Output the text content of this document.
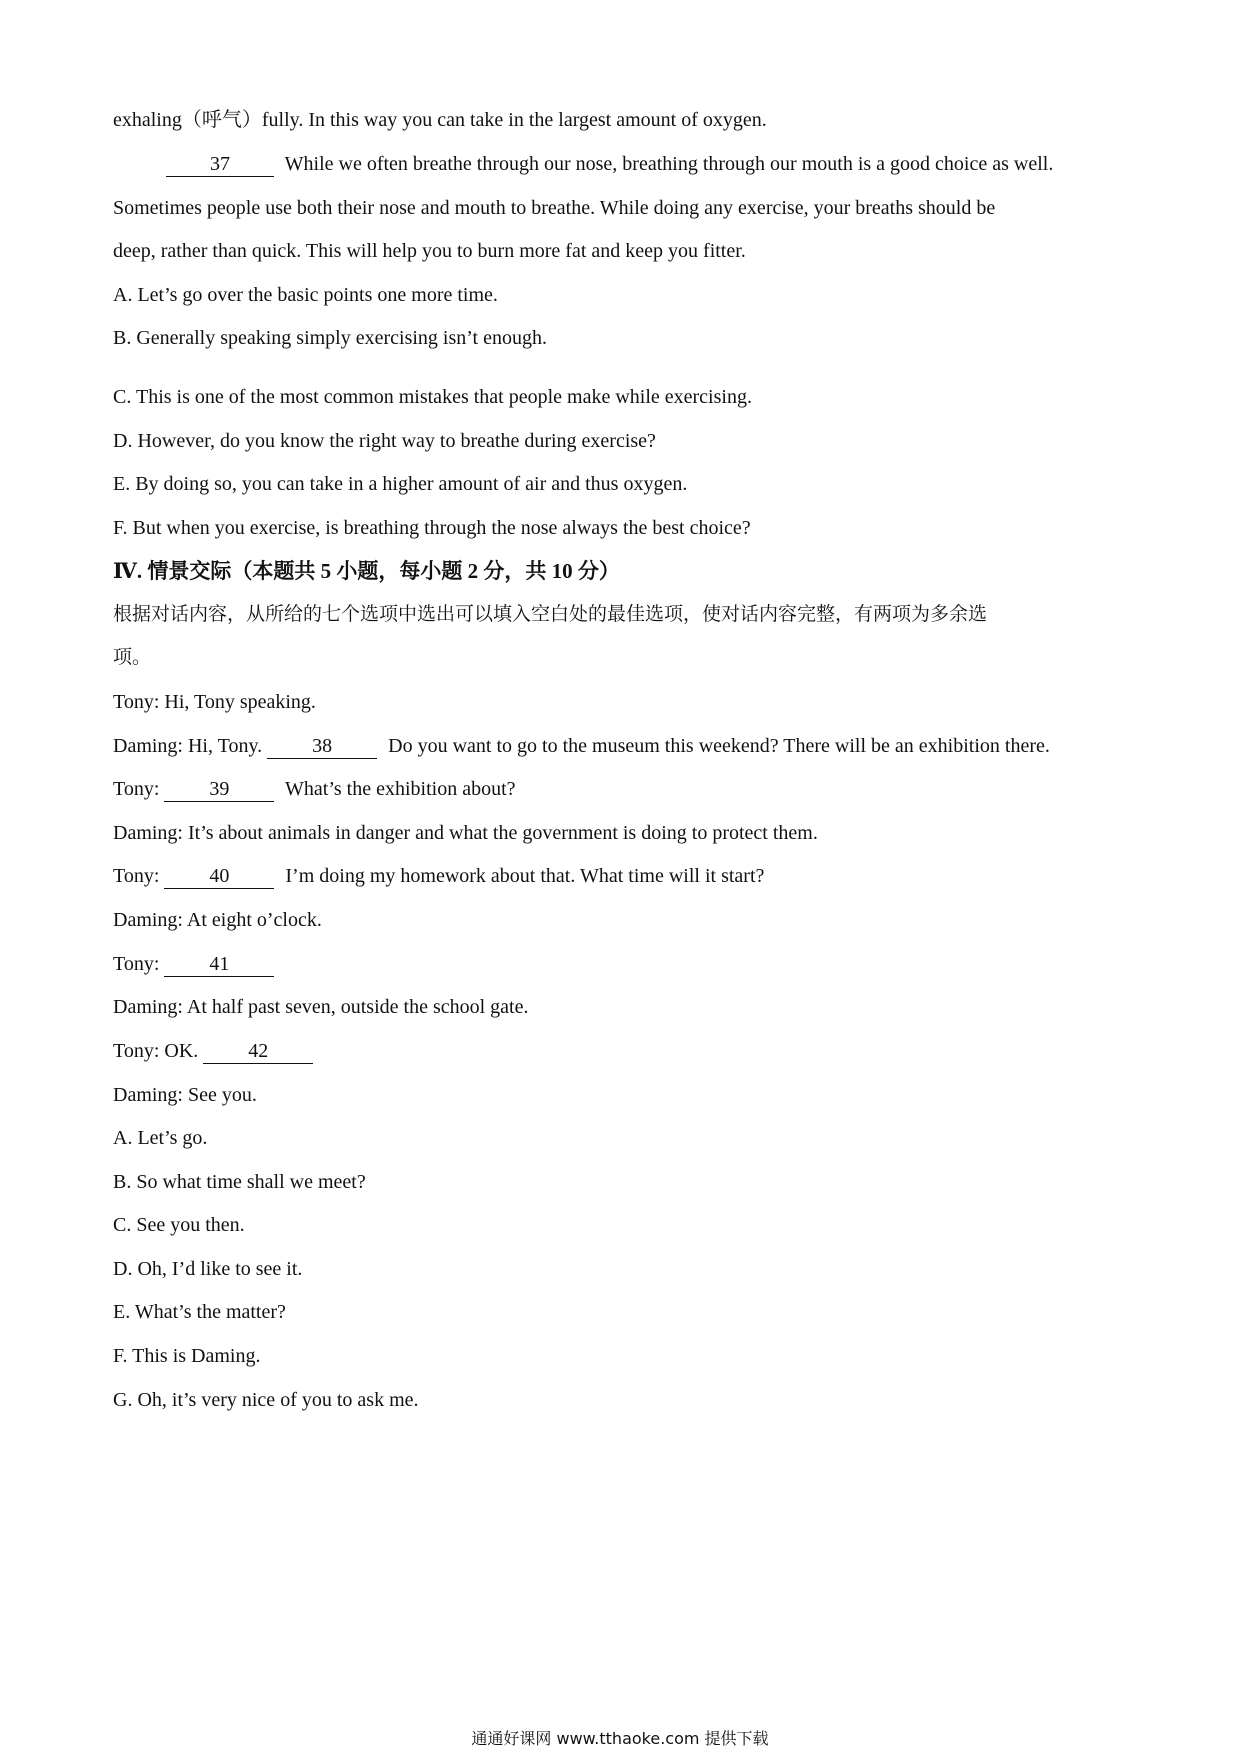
exhaling（呼气）fully. In this way you can take in the largest amount of oxygen.
37	While we often breathe through our nose, breathing through our mouth is a good choice as well.
Sometimes people use both their nose and mouth to breathe. While doing any exercise, your breaths should be
deep, rather than quick. This will help you to burn more fat and keep you fitter.
A. Let’s go over the basic points one more time.
B. Generally speaking simply exercising isn’t enough.
C. This is one of the most common mistakes that people make while exercising.
D. However, do you know the right way to breathe during exercise?
E. By doing so, you can take in a higher amount of air and thus oxygen.
F. But when you exercise, is breathing through the nose always the best choice?
Ⅳ. 情景交际（本题共 5 小题，每小题 2 分，共 10 分）
根据对话内容，从所给的七个选项中选出可以填入空白处的最佳选项，使对话内容完整，有两项为多余选
项。
Tony: Hi, Tony speaking.
Daming: Hi, Tony.	38	Do you want to go to the museum this weekend? There will be an exhibition there.
Tony:	39	What’s the exhibition about?
Daming: It’s about animals in danger and what the government is doing to protect them.
Tony:	40	I’m doing my homework about that. What time will it start?
Daming: At eight o’clock.
Tony:	41
Daming: At half past seven, outside the school gate.
Tony: OK.	42
Daming: See you.
A. Let’s go.
B. So what time shall we meet?
C. See you then.
D. Oh, I’d like to see it.
E. What’s the matter?
F. This is Daming.
G. Oh, it’s very nice of you to ask me.
通通好课网 www.tthaoke.com 提供下载
